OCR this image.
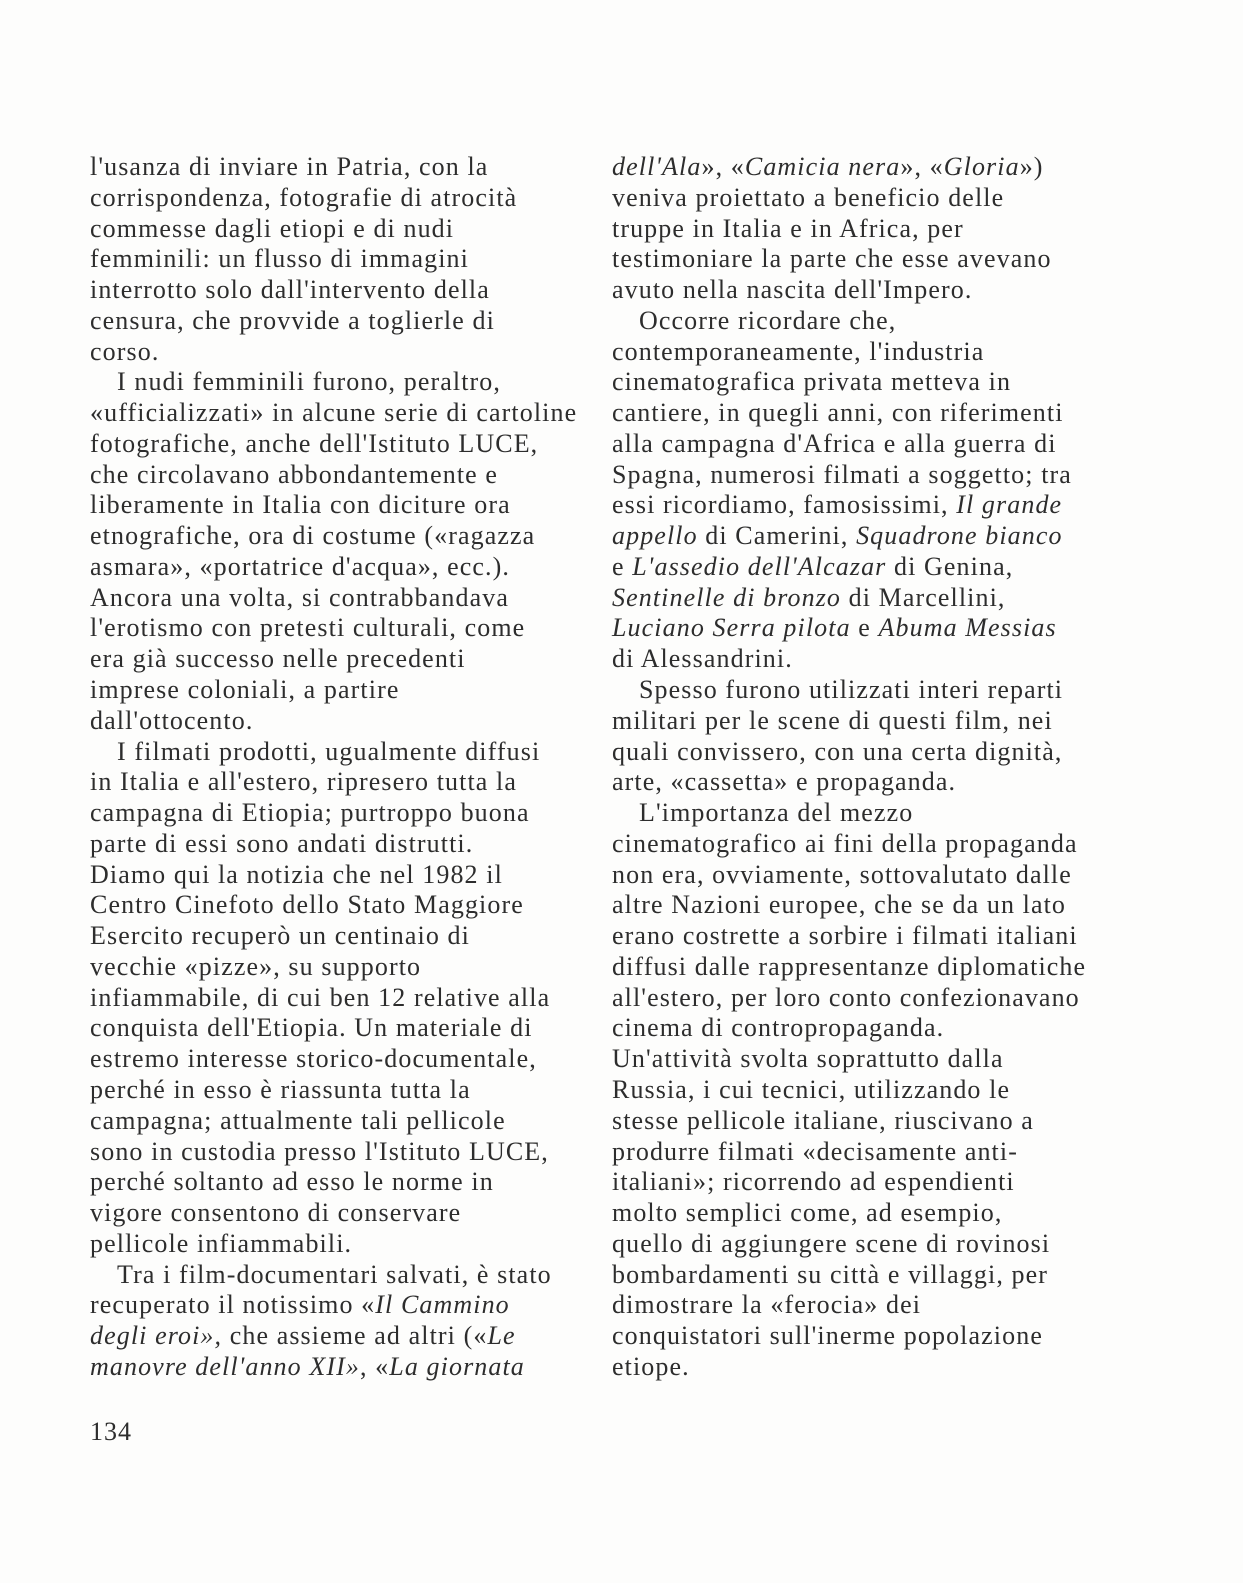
l'usanza di inviare in Patria, con la
corrispondenza, fotografie di atrocità
commesse dagli etiopi e di nudi
femminili: un flusso di immagini
interrotto solo dall'intervento della
censura, che provvide a toglierle di
corso.
I nudi femminili furono, peraltro,
«ufficializzati» in alcune serie di cartoline
fotografiche, anche dell'Istituto LUCE,
che circolavano abbondantemente e
liberamente in Italia con diciture ora
etnografiche, ora di costume («ragazza
asmara», «portatrice d'acqua», ecc.).
Ancora una volta, si contrabbandava
l'erotismo con pretesti culturali, come
era già successo nelle precedenti
imprese coloniali, a partire
dall'ottocento.
I filmati prodotti, ugualmente diffusi
in Italia e all'estero, ripresero tutta la
campagna di Etiopia; purtroppo buona
parte di essi sono andati distrutti.
Diamo qui la notizia che nel 1982 il
Centro Cinefoto dello Stato Maggiore
Esercito recuperò un centinaio di
vecchie «pizze», su supporto
infiammabile, di cui ben 12 relative alla
conquista dell'Etiopia. Un materiale di
estremo interesse storico-documentale,
perché in esso è riassunta tutta la
campagna; attualmente tali pellicole
sono in custodia presso l'Istituto LUCE,
perché soltanto ad esso le norme in
vigore consentono di conservare
pellicole infiammabili.
Tra i film-documentari salvati, è stato
recuperato il notissimo «Il Cammino
degli eroi», che assieme ad altri («Le
manovre dell'anno XII», «La giornata
dell'Ala», «Camicia nera», «Gloria»)
veniva proiettato a beneficio delle
truppe in Italia e in Africa, per
testimoniare la parte che esse avevano
avuto nella nascita dell'Impero.
Occorre ricordare che,
contemporaneamente, l'industria
cinematografica privata metteva in
cantiere, in quegli anni, con riferimenti
alla campagna d'Africa e alla guerra di
Spagna, numerosi filmati a soggetto; tra
essi ricordiamo, famosissimi, Il grande
appello di Camerini, Squadrone bianco
e L'assedio dell'Alcazar di Genina,
Sentinelle di bronzo di Marcellini,
Luciano Serra pilota e Abuma Messias
di Alessandrini.
Spesso furono utilizzati interi reparti
militari per le scene di questi film, nei
quali convissero, con una certa dignità,
arte, «cassetta» e propaganda.
L'importanza del mezzo
cinematografico ai fini della propaganda
non era, ovviamente, sottovalutato dalle
altre Nazioni europee, che se da un lato
erano costrette a sorbire i filmati italiani
diffusi dalle rappresentanze diplomatiche
all'estero, per loro conto confezionavano
cinema di contropropaganda.
Un'attività svolta soprattutto dalla
Russia, i cui tecnici, utilizzando le
stesse pellicole italiane, riuscivano a
produrre filmati «decisamente anti-
italiani»; ricorrendo ad espendienti
molto semplici come, ad esempio,
quello di aggiungere scene di rovinosi
bombardamenti su città e villaggi, per
dimostrare la «ferocia» dei
conquistatori sull'inerme popolazione
etiope.
134
